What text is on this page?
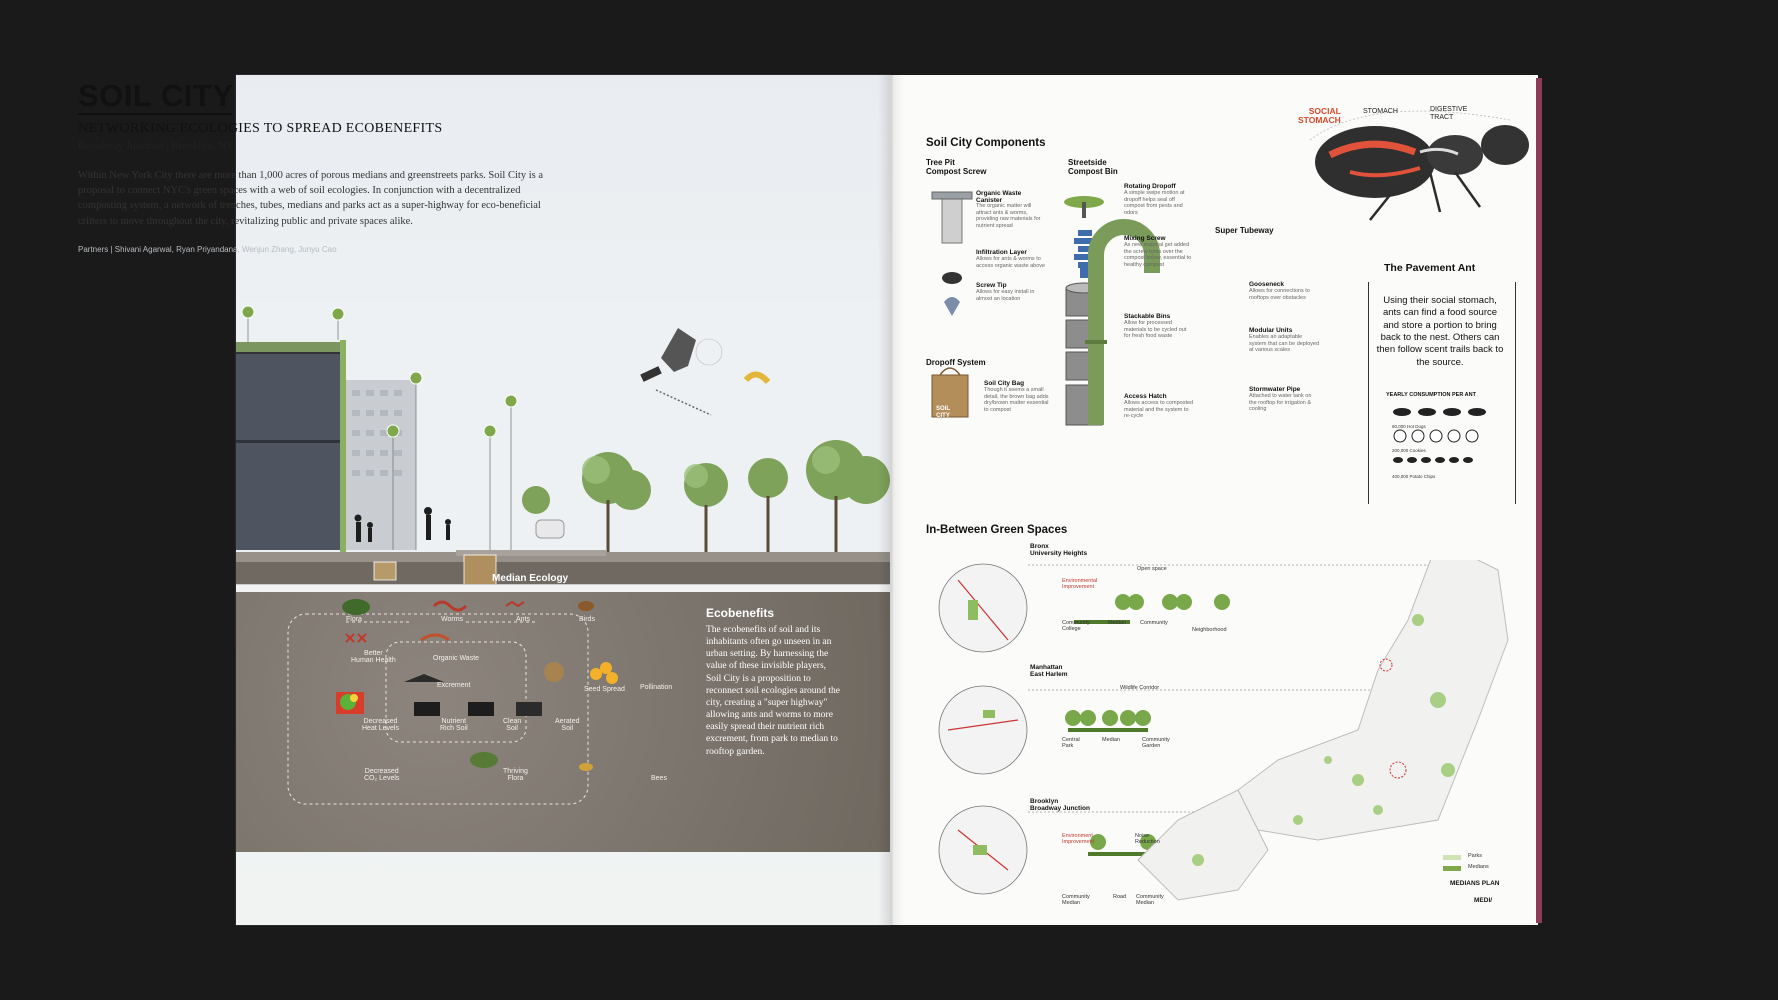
SOIL CITY
NETWORKING ECOLOGIES TO SPREAD ECOBENEFITS
Broadway Junction | Brooklyn, NY
Within New York City there are more than 1,000 acres of porous medians and greenstreets parks. Soil City is a proposal to connect NYC's green spaces with a web of soil ecologies. In conjunction with a decentralized composting system, a network of trenches, tubes, medians and parks act as a super-highway for eco-beneficial critters to move throughout the city, revitalizing public and private spaces alike.
Partners | Shivani Agarwal, Ryan Priyandana, Wenjun Zhang, Junyu Cao
Median Ecology
Flora	Worms	Ants	Birds
Better
Human Health	Organic Waste
Excrement
Seed Spread Pollination
Decreased
Heat Levels
Nutrient
Rich Soil
Clean
Soil
Aerated
Soil
Decreased
CO₂ Levels
Thriving
Flora	Bees
Ecobenefits
The ecobenefits of soil and its inhabitants often go unseen in an urban setting. By harnessing the value of these invisible players, Soil City is a proposition to reconnect soil ecologies around the city, creating a "super highway" allowing ants and worms to more easily spread their nutrient rich excrement, from park to median to rooftop garden.
Soil City Components
Tree Pit
Compost Screw
Streetside
Compost Bin
Super Tubeway
Dropoff System
SOIL
CITY
Organic Waste Canister
The organic matter will attract ants & worms, providing raw materials for nutrient spread
Infiltration Layer
Allows for ants & worms to access organic waste above
Screw Tip
Allows for easy install in almost an location
Rotating Dropoff
A simple swipe motion at dropoff helps seal off compost from pests and odors
Mixing Screw
As new material get added the screw turns over the compost below, essential to healthy compost
Stackable Bins
Allow for processed materials to be cycled out for fresh food waste
Access Hatch
Allows access to composted material and the system to re-cycle
Gooseneck
Allows for connections to rooftops over obstacles
Modular Units
Enables an adaptable system that can be deployed at various scales
Stormwater Pipe
Attached to water tank on the rooftop for irrigation & cooling
Soil City Bag
Though it seems a small detail, the brown bag adds dry/brown matter essential to compost
SOCIAL
STOMACH
STOMACH	DIGESTIVE
TRACT
The Pavement Ant
Using their social stomach, ants can find a food source and store a portion to bring back to the nest. Others can then follow scent trails back to the source.
YEARLY CONSUMPTION PER ANT
60,000 Hot Dogs
200,000 Cookies
400,000 Potato Chips
In-Between Green Spaces
Bronx
University Heights
Environmental
Improvement
Open space
Community
College
Median	Community
Neighborhood
Manhattan
East Harlem
Wildlife Corridor
Central
Park
Median	Community
Garden
Brooklyn
Broadway Junction
Environment
Improvement
Noise
Reduction
Community
Median
Road Community
Median
Parks
Medians
MEDIANS PLAN
MEDI/
